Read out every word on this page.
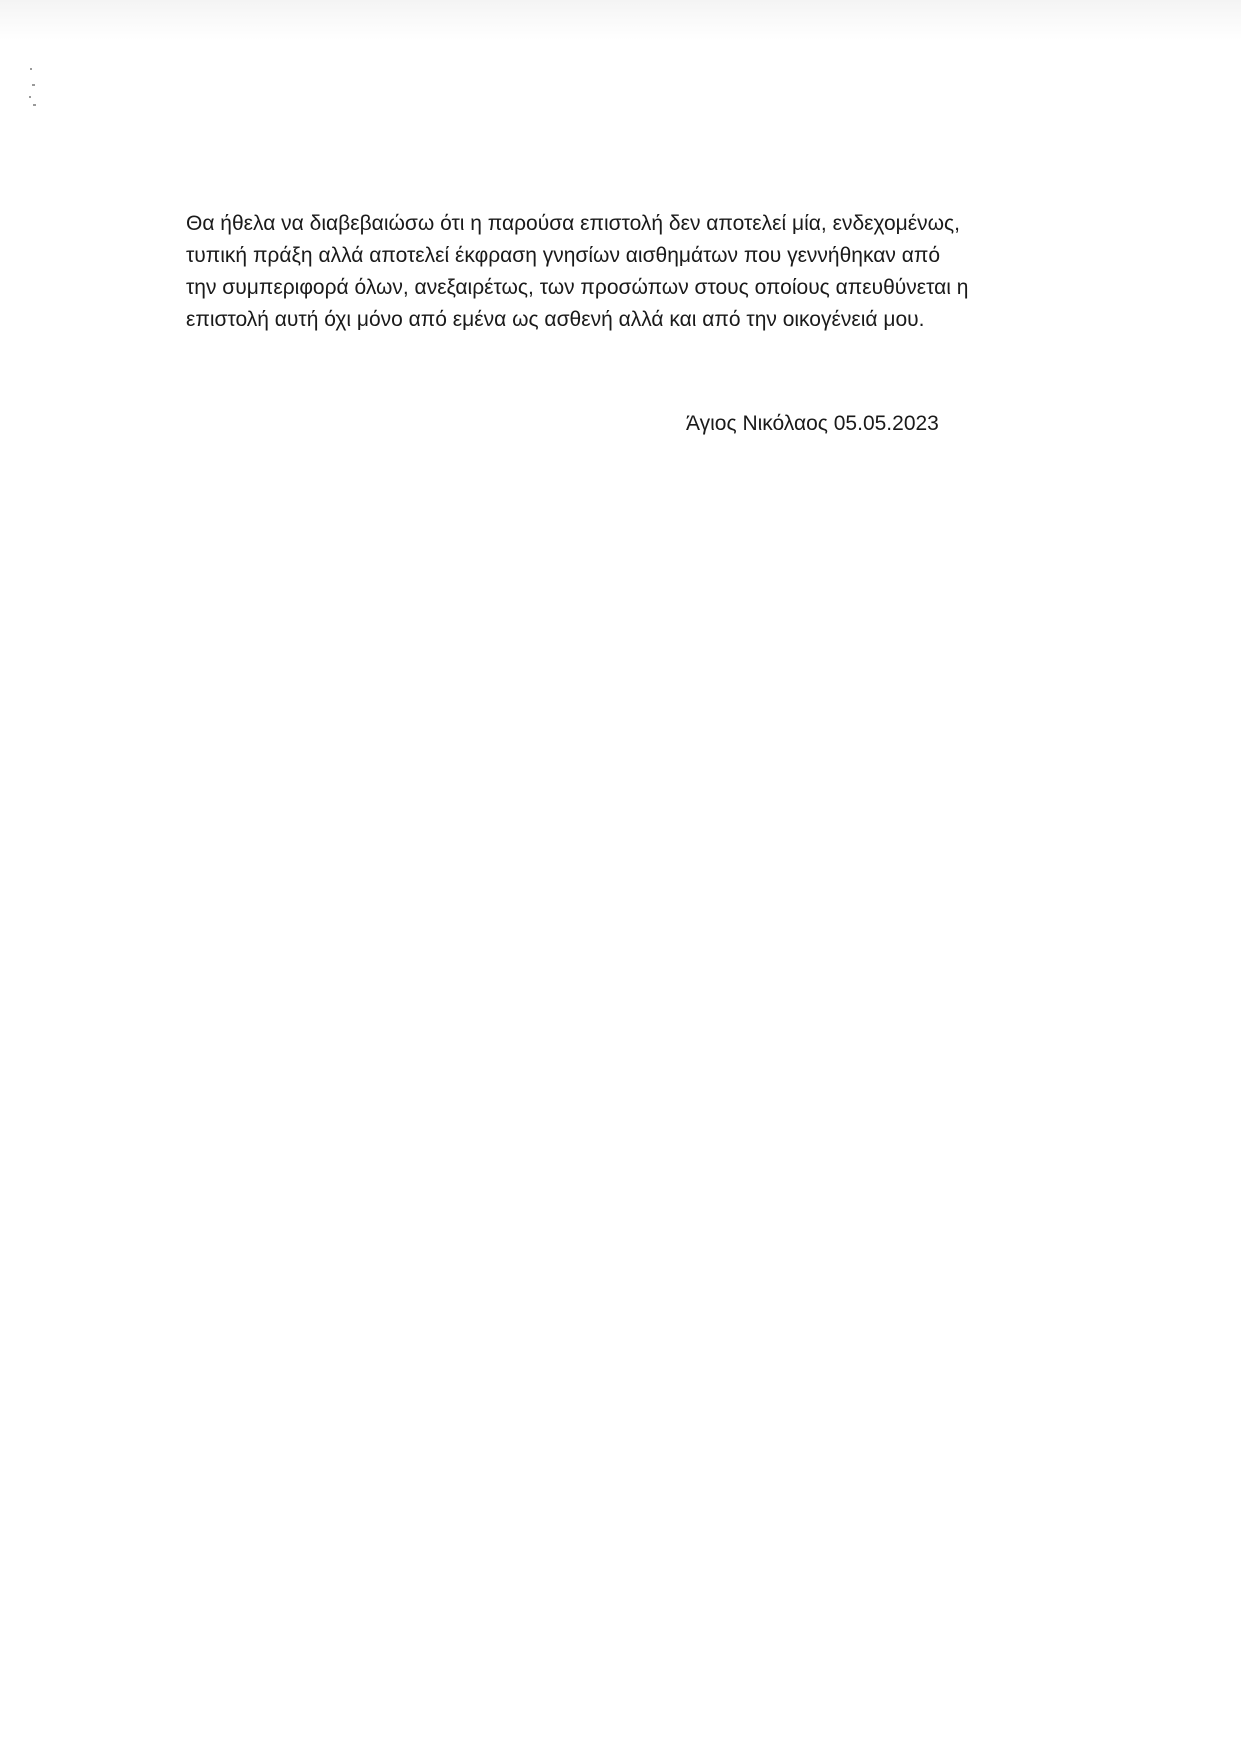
Θα ήθελα να διαβεβαιώσω ότι η παρούσα επιστολή δεν αποτελεί μία, ενδεχομένως,
τυπική πράξη αλλά αποτελεί έκφραση γνησίων αισθημάτων που γεννήθηκαν από
την συμπεριφορά όλων, ανεξαιρέτως, των προσώπων στους οποίους απευθύνεται η
επιστολή αυτή όχι μόνο από εμένα ως ασθενή αλλά και από την οικογένειά μου.

Άγιος Νικόλαος 05.05.2023
